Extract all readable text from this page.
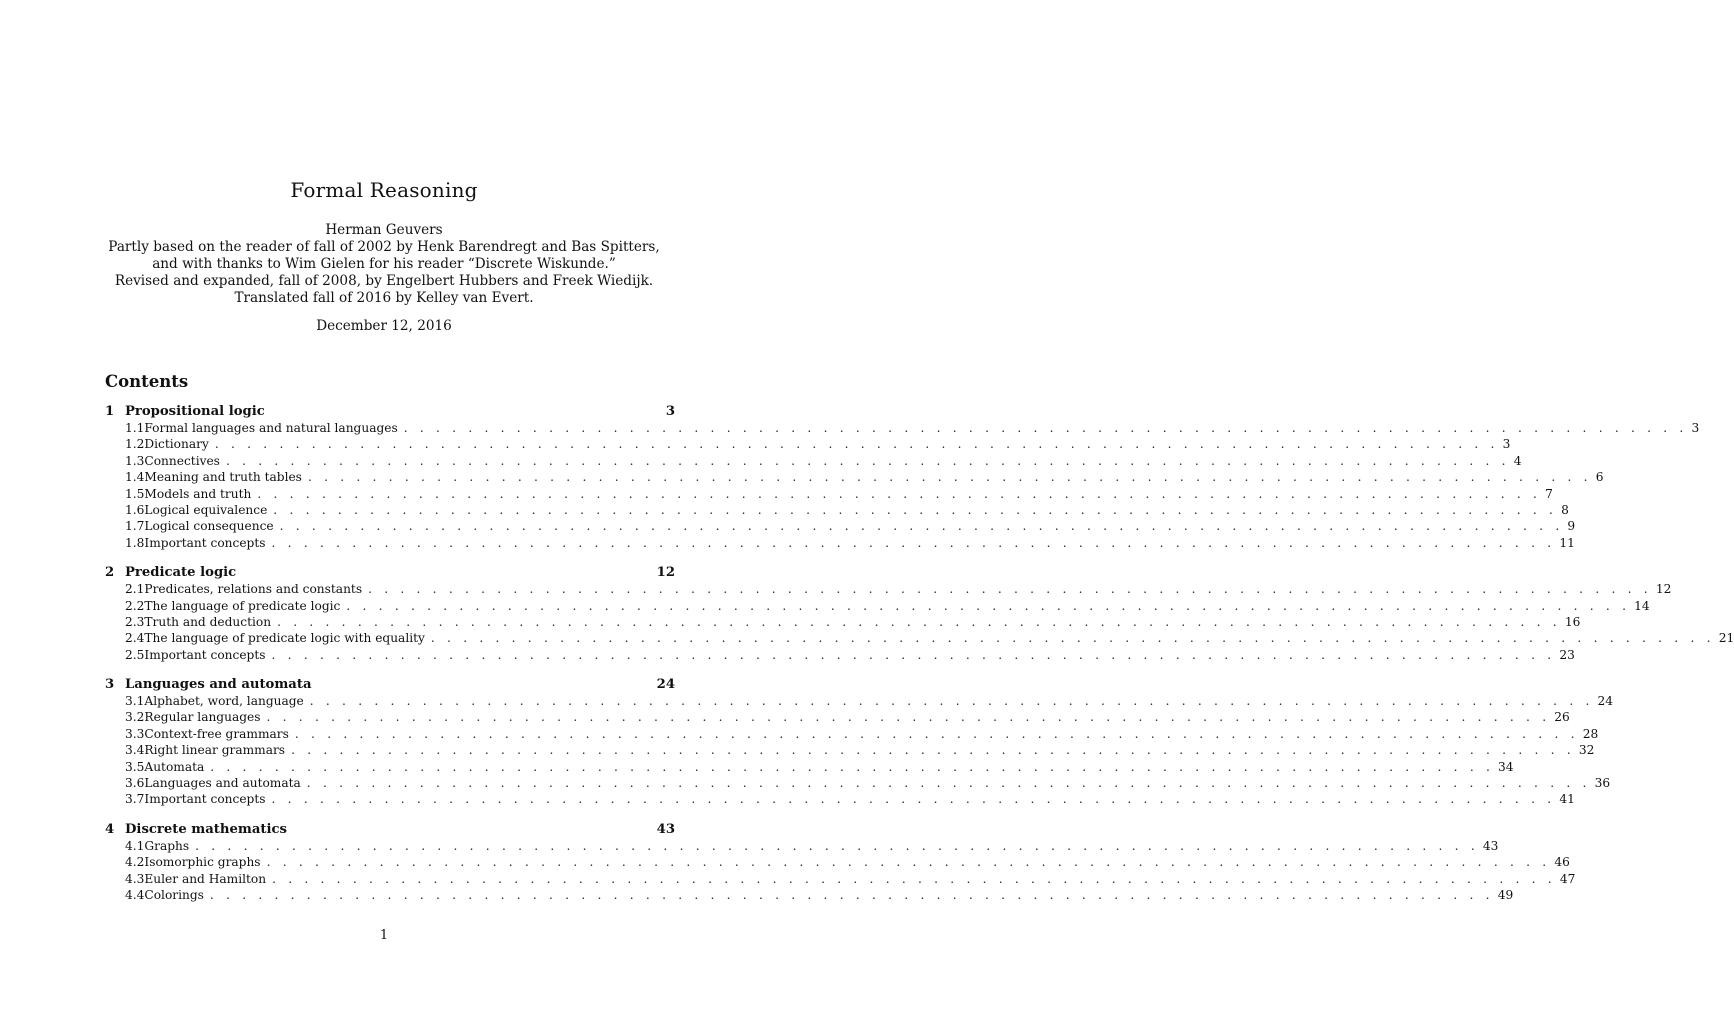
Formal Reasoning
Herman Geuvers
Partly based on the reader of fall of 2002 by Henk Barendregt and Bas Spitters,
and with thanks to Wim Gielen for his reader “Discrete Wiskunde.”
Revised and expanded, fall of 2008, by Engelbert Hubbers and Freek Wiedijk.
Translated fall of 2016 by Kelley van Evert.
December 12, 2016
Contents
1 Propositional logic	3
1.1 Formal languages and natural languages . . . . . . . . . . . . . . . . . . . . . . . . . . . . . . . . . . . . . . . . . . . . . . . . . . . . . . . . . . . . . . . . . . . . . . . . . . . . . . . . 3
1.2 Dictionary . . . . . . . . . . . . . . . . . . . . . . . . . . . . . . . . . . . . . . . . . . . . . . . . . . . . . . . . . . . . . . . . . . . . . . . . . . . . . . . . 3
1.3 Connectives . . . . . . . . . . . . . . . . . . . . . . . . . . . . . . . . . . . . . . . . . . . . . . . . . . . . . . . . . . . . . . . . . . . . . . . . . . . . . . . . 4
1.4 Meaning and truth tables . . . . . . . . . . . . . . . . . . . . . . . . . . . . . . . . . . . . . . . . . . . . . . . . . . . . . . . . . . . . . . . . . . . . . . . . . . . . . . . . 6
1.5 Models and truth . . . . . . . . . . . . . . . . . . . . . . . . . . . . . . . . . . . . . . . . . . . . . . . . . . . . . . . . . . . . . . . . . . . . . . . . . . . . . . . . 7
1.6 Logical equivalence . . . . . . . . . . . . . . . . . . . . . . . . . . . . . . . . . . . . . . . . . . . . . . . . . . . . . . . . . . . . . . . . . . . . . . . . . . . . . . . . 8
1.7 Logical consequence . . . . . . . . . . . . . . . . . . . . . . . . . . . . . . . . . . . . . . . . . . . . . . . . . . . . . . . . . . . . . . . . . . . . . . . . . . . . . . . . 9
1.8 Important concepts . . . . . . . . . . . . . . . . . . . . . . . . . . . . . . . . . . . . . . . . . . . . . . . . . . . . . . . . . . . . . . . . . . . . . . . . . . . . . . . . 11
2 Predicate logic	12
2.1 Predicates, relations and constants . . . . . . . . . . . . . . . . . . . . . . . . . . . . . . . . . . . . . . . . . . . . . . . . . . . . . . . . . . . . . . . . . . . . . . . . . . . . . . . . 12
2.2 The language of predicate logic . . . . . . . . . . . . . . . . . . . . . . . . . . . . . . . . . . . . . . . . . . . . . . . . . . . . . . . . . . . . . . . . . . . . . . . . . . . . . . . . 14
2.3 Truth and deduction . . . . . . . . . . . . . . . . . . . . . . . . . . . . . . . . . . . . . . . . . . . . . . . . . . . . . . . . . . . . . . . . . . . . . . . . . . . . . . . . 16
2.4 The language of predicate logic with equality . . . . . . . . . . . . . . . . . . . . . . . . . . . . . . . . . . . . . . . . . . . . . . . . . . . . . . . . . . . . . . . . . . . . . . . . . . . . . . . . 21
2.5 Important concepts . . . . . . . . . . . . . . . . . . . . . . . . . . . . . . . . . . . . . . . . . . . . . . . . . . . . . . . . . . . . . . . . . . . . . . . . . . . . . . . . 23
3 Languages and automata	24
3.1 Alphabet, word, language . . . . . . . . . . . . . . . . . . . . . . . . . . . . . . . . . . . . . . . . . . . . . . . . . . . . . . . . . . . . . . . . . . . . . . . . . . . . . . . . 24
3.2 Regular languages . . . . . . . . . . . . . . . . . . . . . . . . . . . . . . . . . . . . . . . . . . . . . . . . . . . . . . . . . . . . . . . . . . . . . . . . . . . . . . . . 26
3.3 Context-free grammars . . . . . . . . . . . . . . . . . . . . . . . . . . . . . . . . . . . . . . . . . . . . . . . . . . . . . . . . . . . . . . . . . . . . . . . . . . . . . . . . 28
3.4 Right linear grammars . . . . . . . . . . . . . . . . . . . . . . . . . . . . . . . . . . . . . . . . . . . . . . . . . . . . . . . . . . . . . . . . . . . . . . . . . . . . . . . . 32
3.5 Automata . . . . . . . . . . . . . . . . . . . . . . . . . . . . . . . . . . . . . . . . . . . . . . . . . . . . . . . . . . . . . . . . . . . . . . . . . . . . . . . . 34
3.6 Languages and automata . . . . . . . . . . . . . . . . . . . . . . . . . . . . . . . . . . . . . . . . . . . . . . . . . . . . . . . . . . . . . . . . . . . . . . . . . . . . . . . . 36
3.7 Important concepts . . . . . . . . . . . . . . . . . . . . . . . . . . . . . . . . . . . . . . . . . . . . . . . . . . . . . . . . . . . . . . . . . . . . . . . . . . . . . . . . 41
4 Discrete mathematics	43
4.1 Graphs . . . . . . . . . . . . . . . . . . . . . . . . . . . . . . . . . . . . . . . . . . . . . . . . . . . . . . . . . . . . . . . . . . . . . . . . . . . . . . . . 43
4.2 Isomorphic graphs . . . . . . . . . . . . . . . . . . . . . . . . . . . . . . . . . . . . . . . . . . . . . . . . . . . . . . . . . . . . . . . . . . . . . . . . . . . . . . . . 46
4.3 Euler and Hamilton . . . . . . . . . . . . . . . . . . . . . . . . . . . . . . . . . . . . . . . . . . . . . . . . . . . . . . . . . . . . . . . . . . . . . . . . . . . . . . . . 47
4.4 Colorings . . . . . . . . . . . . . . . . . . . . . . . . . . . . . . . . . . . . . . . . . . . . . . . . . . . . . . . . . . . . . . . . . . . . . . . . . . . . . . . . 49
1
